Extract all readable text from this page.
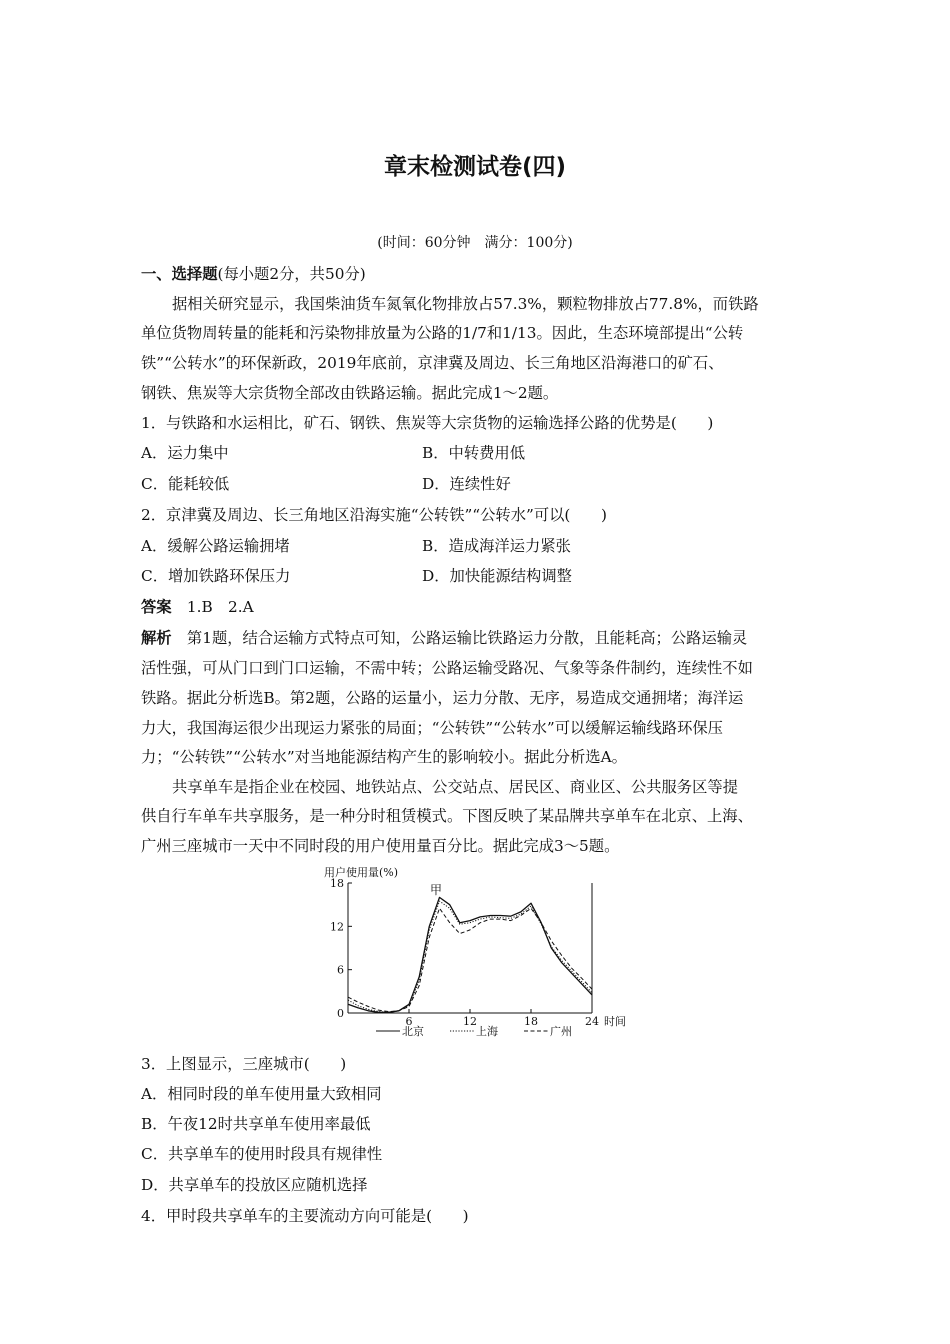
章末检测试卷(四)
(时间：60分钟　满分：100分)
一、选择题(每小题2分，共50分)
据相关研究显示，我国柴油货车氮氧化物排放占57.3%，颗粒物排放占77.8%，而铁路
单位货物周转量的能耗和污染物排放量为公路的1/7和1/13。因此，生态环境部提出“公转
铁”“公转水”的环保新政，2019年底前，京津冀及周边、长三角地区沿海港口的矿石、
钢铁、焦炭等大宗货物全部改由铁路运输。据此完成1～2题。
1．与铁路和水运相比，矿石、钢铁、焦炭等大宗货物的运输选择公路的优势是(　　)
A．运力集中	B．中转费用低
C．能耗较低	D．连续性好
2．京津冀及周边、长三角地区沿海实施“公转铁”“公转水”可以(　　)
A．缓解公路运输拥堵	B．造成海洋运力紧张
C．增加铁路环保压力	D．加快能源结构调整
答案　 1.B　2.A
解析　 第1题，结合运输方式特点可知，公路运输比铁路运力分散，且能耗高；公路运输灵
活性强，可从门口到门口运输，不需中转；公路运输受路况、气象等条件制约，连续性不如
铁路。据此分析选B。第2题，公路的运量小，运力分散、无序，易造成交通拥堵；海洋运
力大，我国海运很少出现运力紧张的局面；“公转铁”“公转水”可以缓解运输线路环保压
力；“公转铁”“公转水”对当地能源结构产生的影响较小。据此分析选A。
共享单车是指企业在校园、地铁站点、公交站点、居民区、商业区、公共服务区等提
供自行车单车共享服务，是一种分时租赁模式。下图反映了某品牌共享单车在北京、上海、
广州三座城市一天中不同时段的用户使用量百分比。据此完成3～5题。
用户使用量(%)
时间
甲
0
6
12
18
6	12	18	24
北京	上海	广州
3．上图显示，三座城市(　　)
A．相同时段的单车使用量大致相同
B．午夜12时共享单车使用率最低
C．共享单车的使用时段具有规律性
D．共享单车的投放区应随机选择
4．甲时段共享单车的主要流动方向可能是(　　)
